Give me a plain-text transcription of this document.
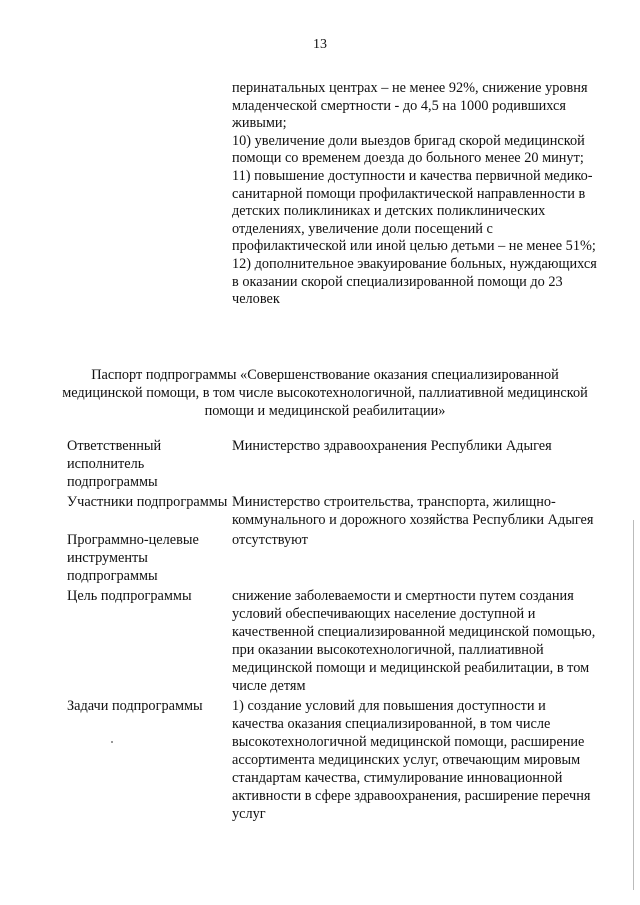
13

перинатальных центрах – не менее 92%, снижение уровня младенческой смертности - до 4,5 на 1000 родившихся живыми;

10) увеличение доли выездов бригад скорой медицинской помощи со временем доезда до больного менее 20 минут;

11) повышение доступности и качества первичной медико-санитарной помощи профилактической направленности в детских поликлиниках и детских поликлинических отделениях, увеличение доли посещений с профилактической или иной целью детьми – не менее 51%;

12) дополнительное эвакуирование больных, нуждающихся в оказании скорой специализированной помощи до 23 человек

Паспорт подпрограммы «Совершенствование оказания специализированной медицинской помощи, в том числе высокотехнологичной, паллиативной медицинской помощи и медицинской реабилитации»
Ответственный исполнитель подпрограммы
Министерство здравоохранения Республики Адыгея
Участники подпрограммы Министерство строительства, транспорта, жилищно-коммунального и дорожного хозяйства Республики Адыгея
Программно-целевые инструменты подпрограммы
отсутствуют
Цель подпрограммы	снижение заболеваемости и смертности путем создания условий обеспечивающих население доступной и качественной специализированной медицинской помощью, при оказании высокотехнологичной, паллиативной медицинской помощи и медицинской реабилитации, в том числе детям
Задачи подпрограммы	1) создание условий для повышения доступности и качества оказания специализированной, в том числе высокотехнологичной медицинской помощи, расширение ассортимента медицинских услуг, отвечающим мировым стандартам качества, стимулирование инновационной активности в сфере здравоохранения, расширение перечня услуг
